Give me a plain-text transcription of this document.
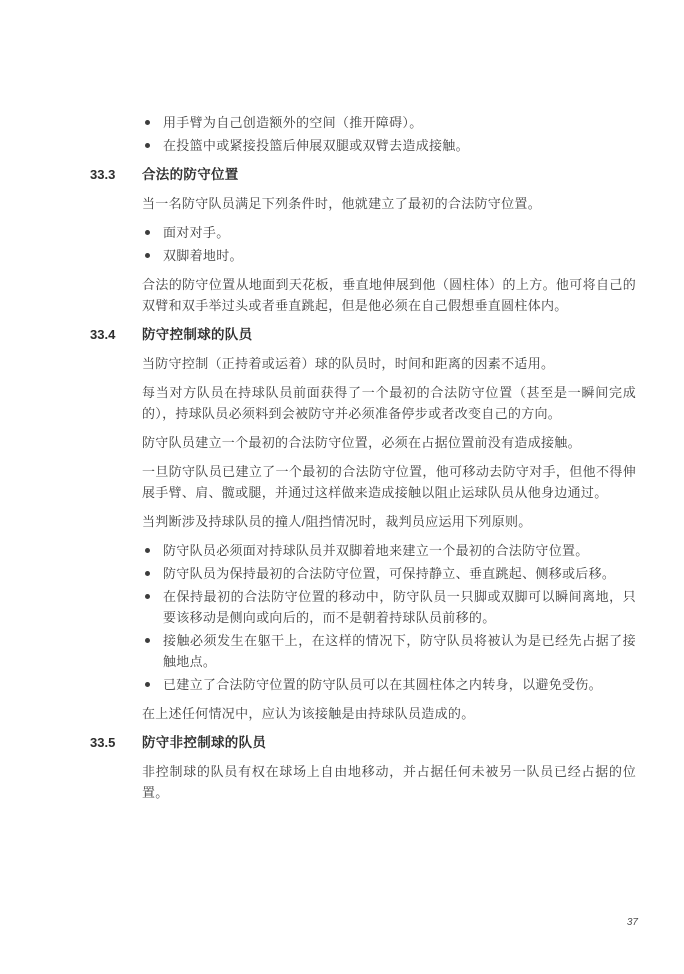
用手臂为自己创造额外的空间（推开障碍）。
在投篮中或紧接投篮后伸展双腿或双臂去造成接触。
33.3	合法的防守位置

当一名防守队员满足下列条件时，他就建立了最初的合法防守位置。

面对对手。
双脚着地时。

合法的防守位置从地面到天花板，垂直地伸展到他（圆柱体）的上方。他可将自己的双臂和双手举过头或者垂直跳起，但是他必须在自己假想垂直圆柱体内。

33.4	防守控制球的队员

当防守控制（正持着或运着）球的队员时，时间和距离的因素不适用。

每当对方队员在持球队员前面获得了一个最初的合法防守位置（甚至是一瞬间完成的），持球队员必须料到会被防守并必须准备停步或者改变自己的方向。

防守队员建立一个最初的合法防守位置，必须在占据位置前没有造成接触。

一旦防守队员已建立了一个最初的合法防守位置，他可移动去防守对手，但他不得伸展手臂、肩、髋或腿，并通过这样做来造成接触以阻止运球队员从他身边通过。

当判断涉及持球队员的撞人/阻挡情况时，裁判员应运用下列原则。

防守队员必须面对持球队员并双脚着地来建立一个最初的合法防守位置。
防守队员为保持最初的合法防守位置，可保持静立、垂直跳起、侧移或后移。
在保持最初的合法防守位置的移动中，防守队员一只脚或双脚可以瞬间离地，只要该移动是侧向或向后的，而不是朝着持球队员前移的。
接触必须发生在躯干上，在这样的情况下，防守队员将被认为是已经先占据了接触地点。
已建立了合法防守位置的防守队员可以在其圆柱体之内转身，以避免受伤。

在上述任何情况中，应认为该接触是由持球队员造成的。

33.5	防守非控制球的队员

非控制球的队员有权在球场上自由地移动，并占据任何未被另一队员已经占据的位置。

37
